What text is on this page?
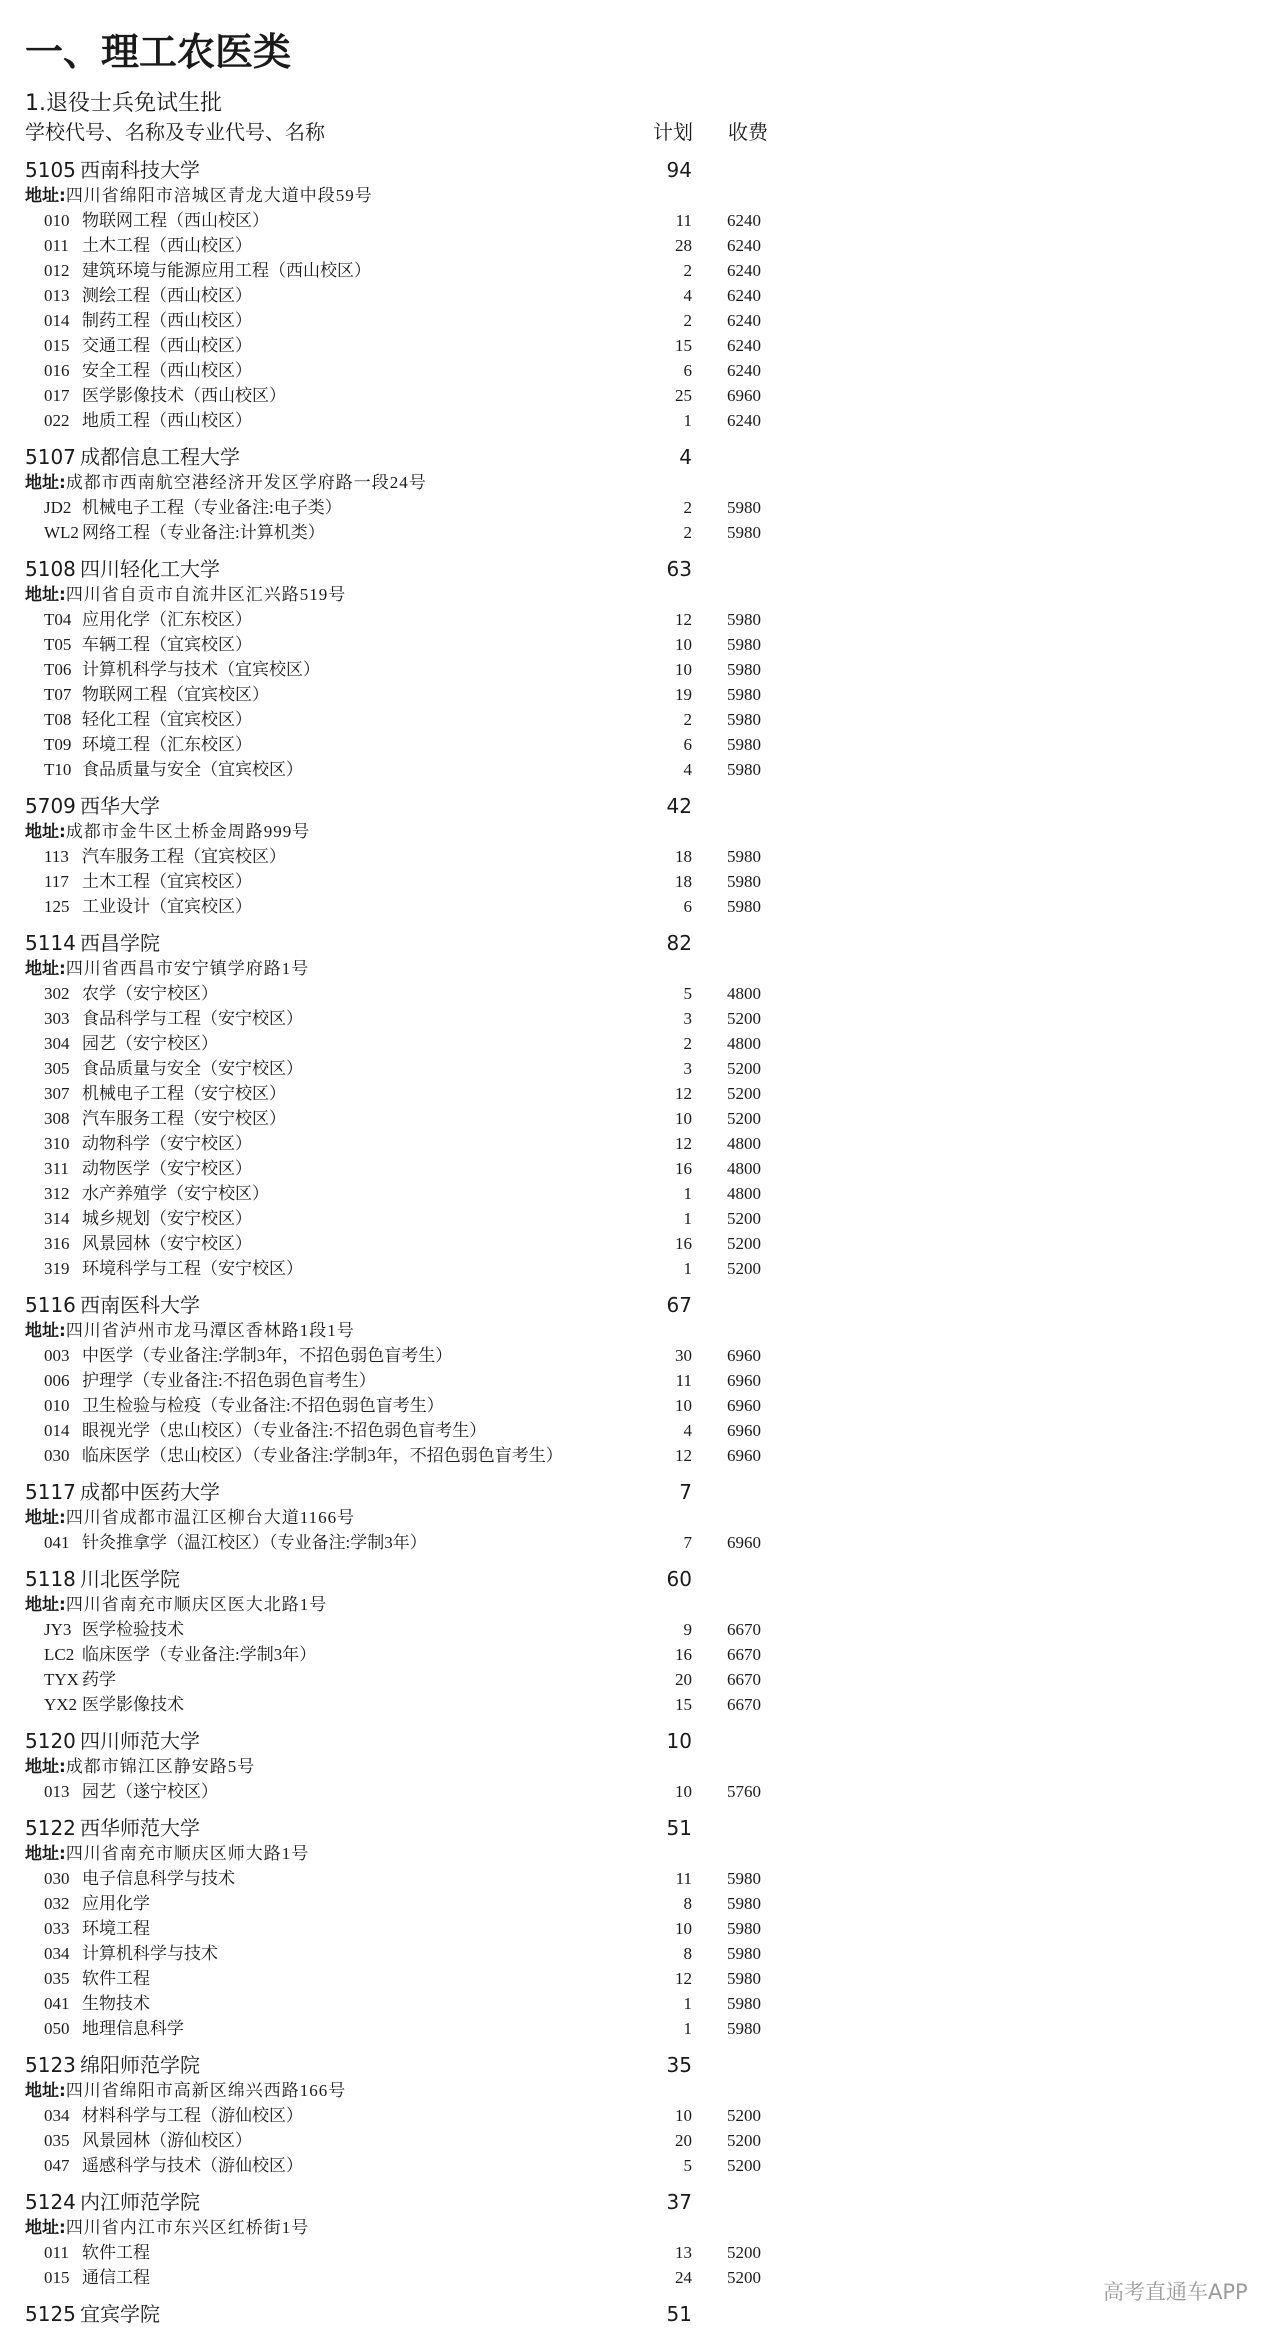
一、理工农医类
1.退役士兵免试生批
学校代号、名称及专业代号、名称	计划 收费
5105 西南科技大学	94
地址:四川省绵阳市涪城区青龙大道中段59号
010 物联网工程（西山校区）	11 6240
011 土木工程（西山校区）	28 6240
012 建筑环境与能源应用工程（西山校区）	2 6240
013 测绘工程（西山校区）	4 6240
014 制药工程（西山校区）	2 6240
015 交通工程（西山校区）	15 6240
016 安全工程（西山校区）	6 6240
017 医学影像技术（西山校区）	25 6960
022 地质工程（西山校区）	1 6240
5107 成都信息工程大学	4
地址:成都市西南航空港经济开发区学府路一段24号
JD2 机械电子工程（专业备注:电子类）	2 5980
WL2 网络工程（专业备注:计算机类）	2 5980
5108 四川轻化工大学	63
地址:四川省自贡市自流井区汇兴路519号
T04 应用化学（汇东校区）	12 5980
T05 车辆工程（宜宾校区）	10 5980
T06 计算机科学与技术（宜宾校区）	10 5980
T07 物联网工程（宜宾校区）	19 5980
T08 轻化工程（宜宾校区）	2 5980
T09 环境工程（汇东校区）	6 5980
T10 食品质量与安全（宜宾校区）	4 5980
5709 西华大学	42
地址:成都市金牛区土桥金周路999号
113 汽车服务工程（宜宾校区）	18 5980
117 土木工程（宜宾校区）	18 5980
125 工业设计（宜宾校区）	6 5980
5114 西昌学院	82
地址:四川省西昌市安宁镇学府路1号
302 农学（安宁校区）	5 4800
303 食品科学与工程（安宁校区）	3 5200
304 园艺（安宁校区）	2 4800
305 食品质量与安全（安宁校区）	3 5200
307 机械电子工程（安宁校区）	12 5200
308 汽车服务工程（安宁校区）	10 5200
310 动物科学（安宁校区）	12 4800
311 动物医学（安宁校区）	16 4800
312 水产养殖学（安宁校区）	1 4800
314 城乡规划（安宁校区）	1 5200
316 风景园林（安宁校区）	16 5200
319 环境科学与工程（安宁校区）	1 5200
5116 西南医科大学	67
地址:四川省泸州市龙马潭区香林路1段1号
003 中医学（专业备注:学制3年，不招色弱色盲考生）	30 6960
006 护理学（专业备注:不招色弱色盲考生）	11 6960
010 卫生检验与检疫（专业备注:不招色弱色盲考生）	10 6960
014 眼视光学（忠山校区）（专业备注:不招色弱色盲考生）	4 6960
030 临床医学（忠山校区）（专业备注:学制3年，不招色弱色盲考生）	12 6960
5117 成都中医药大学	7
地址:四川省成都市温江区柳台大道1166号
041 针灸推拿学（温江校区）（专业备注:学制3年）	7 6960
5118 川北医学院	60
地址:四川省南充市顺庆区医大北路1号
JY3 医学检验技术	9 6670
LC2 临床医学（专业备注:学制3年）	16 6670
TYX 药学	20 6670
YX2 医学影像技术	15 6670
5120 四川师范大学	10
地址:成都市锦江区静安路5号
013 园艺（遂宁校区）	10 5760
5122 西华师范大学	51
地址:四川省南充市顺庆区师大路1号
030 电子信息科学与技术	11 5980
032 应用化学	8 5980
033 环境工程	10 5980
034 计算机科学与技术	8 5980
035 软件工程	12 5980
041 生物技术	1 5980
050 地理信息科学	1 5980
5123 绵阳师范学院	35
地址:四川省绵阳市高新区绵兴西路166号
034 材料科学与工程（游仙校区）	10 5200
035 风景园林（游仙校区）	20 5200
047 遥感科学与技术（游仙校区）	5 5200
5124 内江师范学院	37
地址:四川省内江市东兴区红桥街1号
011 软件工程	13 5200
015 通信工程	24 5200
5125 宜宾学院	51
高考直通车APP
